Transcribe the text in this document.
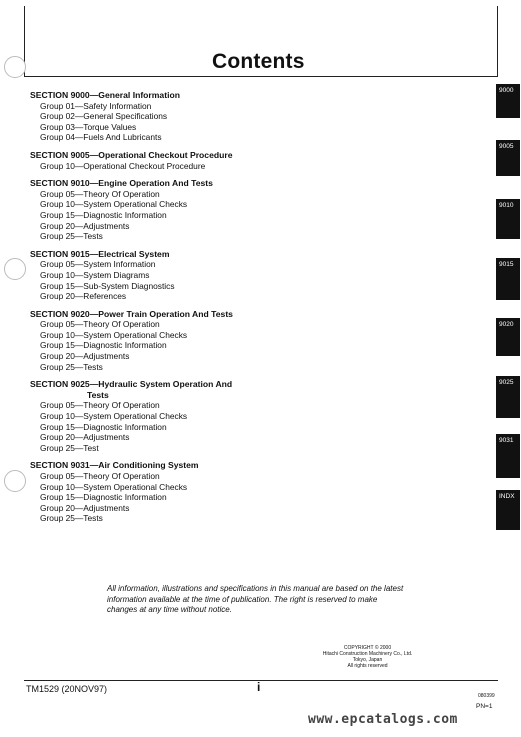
Contents
SECTION 9000—General Information
Group 01—Safety Information
Group 02—General Specifications
Group 03—Torque Values
Group 04—Fuels And Lubricants
SECTION 9005—Operational Checkout Procedure
Group 10—Operational Checkout Procedure
SECTION 9010—Engine Operation And Tests
Group 05—Theory Of Operation
Group 10—System Operational Checks
Group 15—Diagnostic Information
Group 20—Adjustments
Group 25—Tests
SECTION 9015—Electrical System
Group 05—System Information
Group 10—System Diagrams
Group 15—Sub-System Diagnostics
Group 20—References
SECTION 9020—Power Train Operation And Tests
Group 05—Theory Of Operation
Group 10—System Operational Checks
Group 15—Diagnostic Information
Group 20—Adjustments
Group 25—Tests
SECTION 9025—Hydraulic System Operation And
Tests
Group 05—Theory Of Operation
Group 10—System Operational Checks
Group 15—Diagnostic Information
Group 20—Adjustments
Group 25—Test
SECTION 9031—Air Conditioning System
Group 05—Theory Of Operation
Group 10—System Operational Checks
Group 15—Diagnostic Information
Group 20—Adjustments
Group 25—Tests
9000
9005
9010
9015
9020
9025
9031
INDX
All information, illustrations and specifications in this manual are based on the latest information available at the time of publication. The right is reserved to make changes at any time without notice.
COPYRIGHT © 2000
Hitachi Construction Machinery Co., Ltd.
Tokyo, Japan
All rights reserved
TM1529 (20NOV97)	i
080399
PN=1
www.epcatalogs.com
